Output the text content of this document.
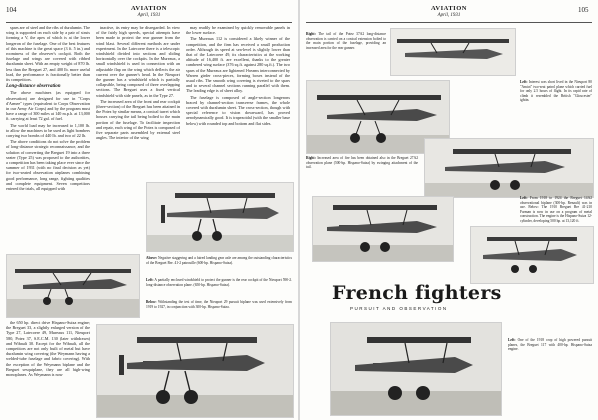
104	AVIATION
April, 1931

spars are of steel and the ribs of duralumin. The wing is supported on each side by a pair of struts forming a V, the apex of which is at the lower longeron of the fuselage. One of the best features of this machine is the great space (3 ft. 5 in.) and roominess of the observer's cockpit. Both the fuselage and wings are covered with ribbed duralumin sheet. With an empty weight of 870 lb. less than the Breguet 27, and 400 lb. more useful load, the performance is fractionally better than its competitors.

Long-distance observation

The above machines (as equipped for observation) are designed for use in "Corps d'Armee" types (equivalent to Corps Observation in our Army Air Corps) and by the program must have a range of 300 miles at 140 m.p.h. at 13,000 ft. carrying at least 72 gal. of fuel.

The world load may be increased to 1,100 lb. to allow the machines to be used as light bombers carrying two bombs of 440 lb. and two of 22 lb.

The above conditions do not solve the problem of long-distance strategic reconnaissance, and the solution of converting the Breguet 19 into a three seater (Type 25) was proposed to the authorities, a competition has been taking place ever since the summer of 1931 (with no final decision as yet) for two-seated observation airplanes combining good performance, long range, fighting qualities and complete equipment. Seven competitors entered the trials, all equipped with

inactive, its entry may be disregarded. In view of the fairly high speeds, special attempts have been made to protect the rear gunner from the wind blast. Several different methods are under experiment. In the Latecoere there is a telescopic windshield divided into sections and sliding horizontally over the cockpits. In the Mureaux, a small windshield is used in connection with an adjustable flap on the wing which deflects the air current over the gunner's head. In the Nieuport the gunner has a windshield which is partially collapsible, being composed of three overlapping sections. The Breguet uses a fixed vertical windshield with side panels, as in the Type 27.

The increased area of the front and rear cockpit (three-section) of the Breguet has been attained in the Potez by similar means, a conical turret which houses carrying the tail being bolted to the main portion of the fuselage. To facilitate inspection and repair, each wing of the Potez is composed of five separate parts assembled by external steel angles. The interior of the wing

may readily be examined by quickly removable panels in the lower surface.

The Mureaux 112 is considered a likely winner of the competition, and the firm has received a small production order. Although its speed at sea-level is slightly lower than that of the Latecoere 49, its characteristics at the working altitude of 16,400 ft. are excellent, thanks to the greater cambered wing surface (376 sq.ft. against 280 sq.ft.). The two spars of the Mureaux are lightened I-beams interconnected by Warren girder cross-pieces, forming boxes instead of the usual ribs. The smooth wing covering is riveted to the spars and to several channel sections running parallel with them. The leading edge is of sheet alloy.

The fuselage is composed of angle-section longerons braced by channel-section transverse frames, the whole covered with duralumin sheet. The cross-section, though with special reference to vision downward, has proved aerodynamically good. It is trapezoidal (with the smaller base below) with rounded top and bottom and flat sides.

Above: Negative staggering and a faired landing gear axle are among the outstanding characteristics of the Breguet Bre. 41-2 patrouille (600-hp. Hispano-Suiza).
Left: A partially enclosed windshield to protect the gunner is the rear cockpit of the Nieuport 590-2. long-distance observation plane. (650-hp. Hispano-Suiza).
Below: Withstanding the test of time, the Nieuport 29 pursuit biplane was used extensively from 1919 to 1927, in conjunction with 300-hp. Hispano-Suiza.

the 650 hp. direct drive Hispano-Suiza engine; the Breguet 33, a slightly enlarged version of the Type 27, Latecoere 49, Mureaux 111, Nieuport 580, Potez 37, S.E.C.M. 130 (later withdrawn) and Wibault 30. Except for the Wibault, all the competitors are not only built of metal but have duralumin wing covering (the Weymann having a welded-tube fuselage and fabric covering). With the exception of the Weymann biplane and the Breguet sesquiplane, they are all high-wing monoplanes. As Weymann is now

AVIATION
April, 1931
105
Right: The tail of the Potez 37A2 long-distance observation is carried on a conical extension bolted to the main portion of the fuselage, providing an increased area for the rear gunner.
Left: Interest was short lived in the Nieuport 80 "Amiot" two-seat patrol plane which carried fuel for only 2.5 hours of flight. In its rapid rate of climb it resembled the British "Gloucester" ightin.
Right: Increased area of fire has been obtained also in the Breguet 27A2 observation plane (500-hp. Hispano-Suiza) by swinging attachment of the tail.
Left: From 1918 to 1924 the Breguet 14A2 observational biplane (300-hp. Renault) was in use. Below: The 1910 Breguet Bre 41-210 Farman is now in use on a program of metal construction. The engine is the Hispano-Suiza 12-cylinder, developing 500 hp. at 13,120 ft.
Left: One of the 1918 crop of high powered pursuit planes, the Breguet 117 with 400-hp. Hispano-Suiza engine.
French fighters
PURSUIT AND OBSERVATION
